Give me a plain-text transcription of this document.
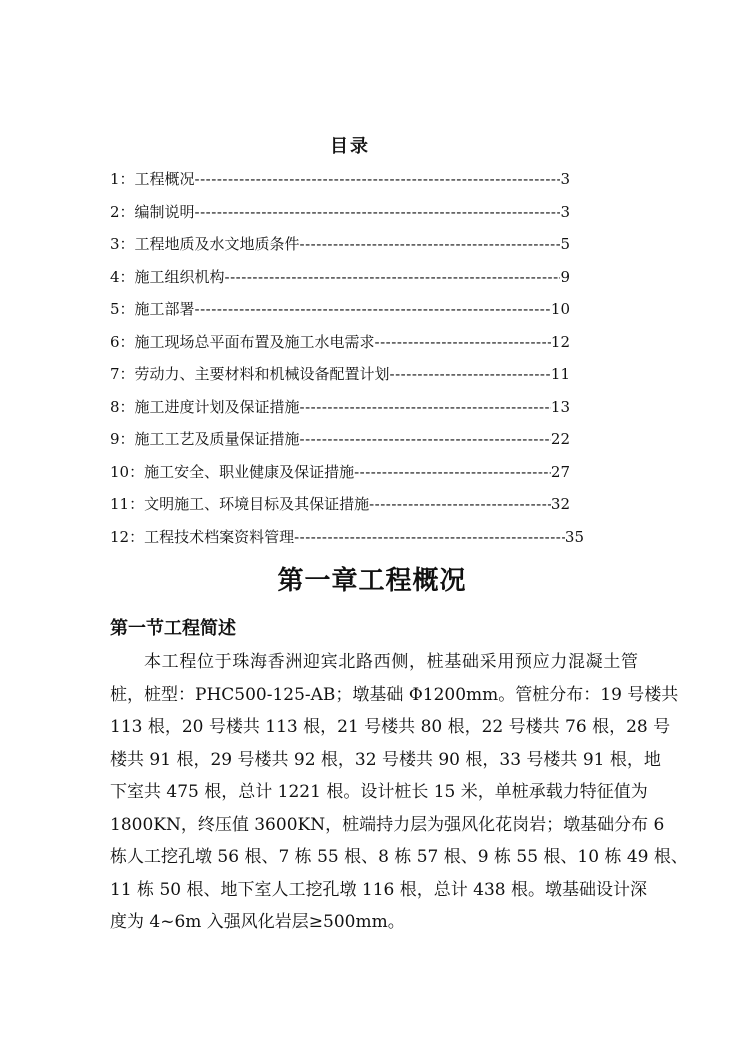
目录
1：工程概况 -----	3
2：编制说明 -----	3
3：工程地质及水文地质条件 -----	5
4：施工组织机构 -----	9
5：施工部署 -----	10
6：施工现场总平面布置及施工水电需求 -----	12
7：劳动力、主要材料和机械设备配置计划 -----	11
8：施工进度计划及保证措施 -----	13
9：施工工艺及质量保证措施 -----	22
10：施工安全、职业健康及保证措施 -----	27
11：文明施工、环境目标及其保证措施 -----	32
12：工程技术档案资料管理 -----	35
第一章工程概况
第一节工程简述
本工程位于珠海香洲迎宾北路西侧，桩基础采用预应力混凝土管
桩，桩型：PHC500-125-AB；墩基础 Φ1200mm。管桩分布：19 号楼共
113 根，20 号楼共 113 根，21 号楼共 80 根，22 号楼共 76 根，28 号
楼共 91 根，29 号楼共 92 根，32 号楼共 90 根，33 号楼共 91 根，地
下室共 475 根，总计 1221 根。设计桩长 15 米，单桩承载力特征值为
1800KN，终压值 3600KN，桩端持力层为强风化花岗岩；墩基础分布 6
栋人工挖孔墩 56 根、7 栋 55 根、8 栋 57 根、9 栋 55 根、10 栋 49 根、
11 栋 50 根、地下室人工挖孔墩 116 根，总计 438 根。墩基础设计深
度为 4~6m 入强风化岩层≥500mm。
